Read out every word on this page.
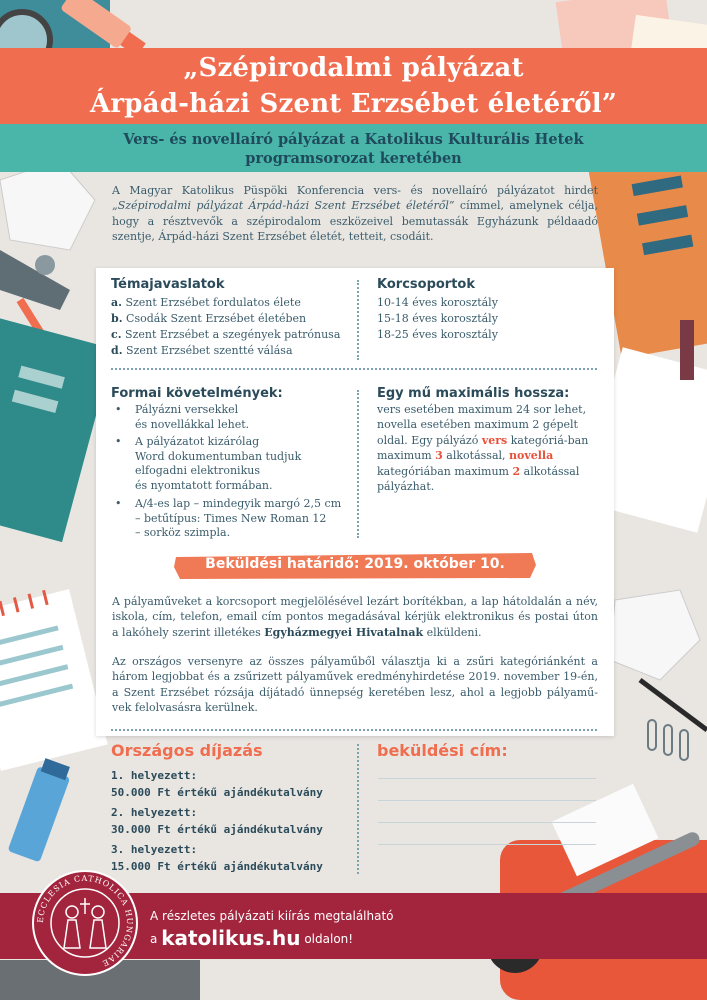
„Szépirodalmi pályázat
Árpád-házi Szent Erzsébet életéről”
Vers- és novellaíró pályázat a Katolikus Kulturális Hetek
programsorozat keretében
A Magyar Katolikus Püspöki Konferencia vers- és novellaíró pályázatot hirdet „Szépirodalmi pályázat Árpád-házi Szent Erzsébet életéről” címmel, amelynek célja, hogy a résztvevők a szépirodalom eszközeivel bemutassák Egyházunk példaadó szentje, Árpád-házi Szent Erzsébet életét, tetteit, csodáit.
Témajavaslatok
a. Szent Erzsébet fordulatos élete
b. Csodák Szent Erzsébet életében
c. Szent Erzsébet a szegények patrónusa
d. Szent Erzsébet szentté válása
Korcsoportok
10-14 éves korosztály
15-18 éves korosztály
18-25 éves korosztály
Formai követelmények:
• Pályázni versekkel
és novellákkal lehet.
• A pályázatot kizárólag
Word dokumentumban tudjuk
elfogadni elektronikus
és nyomtatott formában.
• A/4-es lap – mindegyik margó 2,5 cm
– betűtípus: Times New Roman 12
– sorköz szimpla.
Egy mű maximális hossza:
vers esetében maximum 24 sor lehet, novella esetében maximum 2 gépelt oldal. Egy pályázó vers kategóriá-ban maximum 3 alkotással, novella kategóriában maximum 2 alkotással pályázhat.
Beküldési határidő: 2019. október 10.
A pályaműveket a korcsoport megjelölésével lezárt borítékban, a lap hátoldalán a név, iskola, cím, telefon, email cím pontos megadásával kérjük elektronikus és postai úton a lakóhely szerint illetékes Egyházmegyei Hivatalnak elküldeni.
Az országos versenyre az összes pályaműből választja ki a zsűri kategóriánként a három legjobbat és a zsűrizett pályaművek eredményhirdetése 2019. november 19-én, a Szent Erzsébet rózsája díjátadó ünnepség keretében lesz, ahol a legjobb pályamű-vek felolvasásra kerülnek.
Országos díjazás
1. helyezett:
50.000 Ft értékű ajándékutalvány
2. helyezett:
30.000 Ft értékű ajándékutalvány
3. helyezett:
15.000 Ft értékű ajándékutalvány
beküldési cím:
A részletes pályázati kiírás megtalálható
a katolikus.hu oldalon!
ECCLESIA CATHOLICA HUNGARIAE
